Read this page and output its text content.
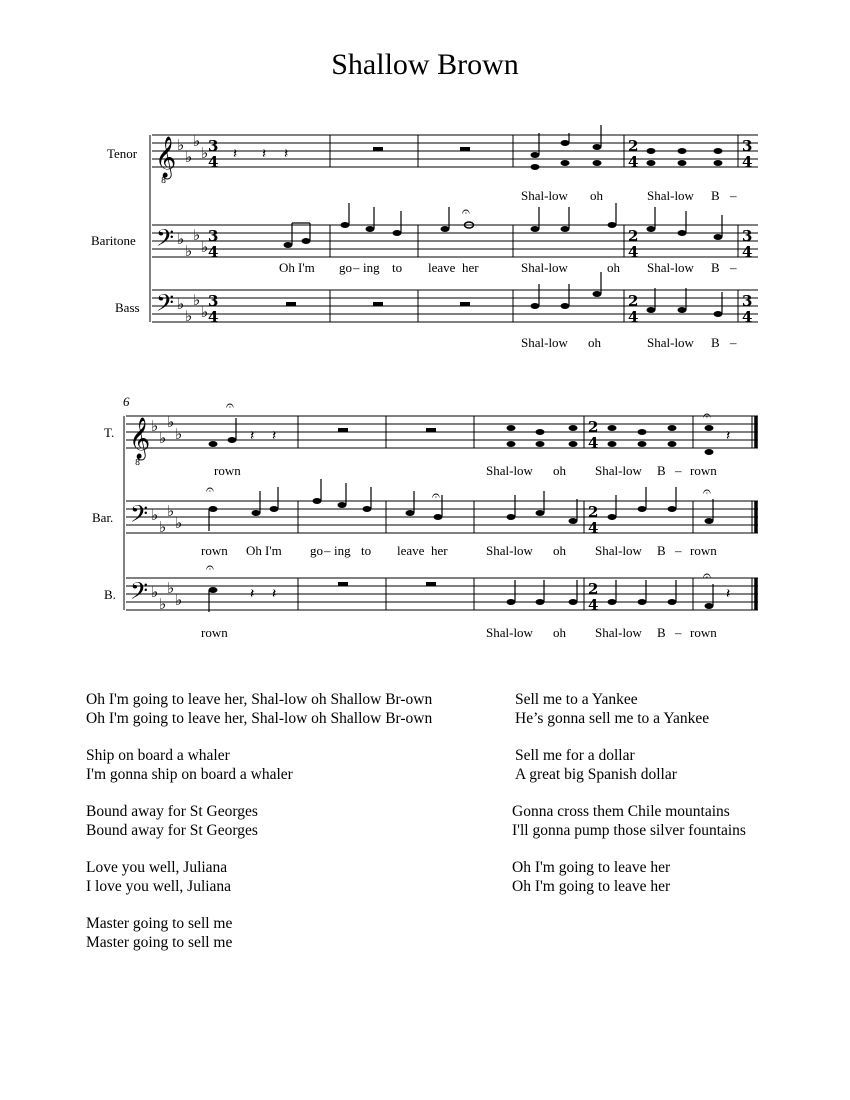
Shallow Brown
Tenor 𝄞
8
♭
♭
♭
♭ 3
4 𝄽 𝄽 𝄽	2
4
3
4
Shal-low oh	Shal-low B –
Baritone 𝄢 ♭
♭
♭
♭
3
4
𝄐
2
4
3
4
Oh I'm go – ing to leave her	Shal-low	oh Shal-low B –
Bass 𝄢 ♭
♭
♭
♭
3
4
2
4
3
4
Shal-low oh	Shal-low B –
6
T. 𝄞
8
♭
♭
♭
♭
𝄐
𝄽 𝄽
𝄐
𝄽
2
4
rown	Shal-low oh Shal-low B – rown
Bar. 𝄢 ♭
♭
♭
♭
𝄐	𝄐	𝄐
2
4
rown Oh I'm go – ing to leave her	Shal-low oh Shal-low B – rown
B. 𝄢 ♭
♭
♭
♭
𝄐
𝄽 𝄽
𝄐
𝄽
2
4
rown	Shal-low oh Shal-low B – rown
Oh I'm going to leave her, Shal-low oh Shallow Br-own
Oh I'm going to leave her, Shal-low oh Shallow Br-own
Ship on board a whaler
I'm gonna ship on board a whaler
Bound away for St Georges
Bound away for St Georges
Love you well, Juliana
I love you well, Juliana
Master going to sell me
Master going to sell me
Sell me to a Yankee
He’s gonna sell me to a Yankee
Sell me for a dollar
A great big Spanish dollar
Gonna cross them Chile mountains
I'll gonna pump those silver fountains
Oh I'm going to leave her
Oh I'm going to leave her
